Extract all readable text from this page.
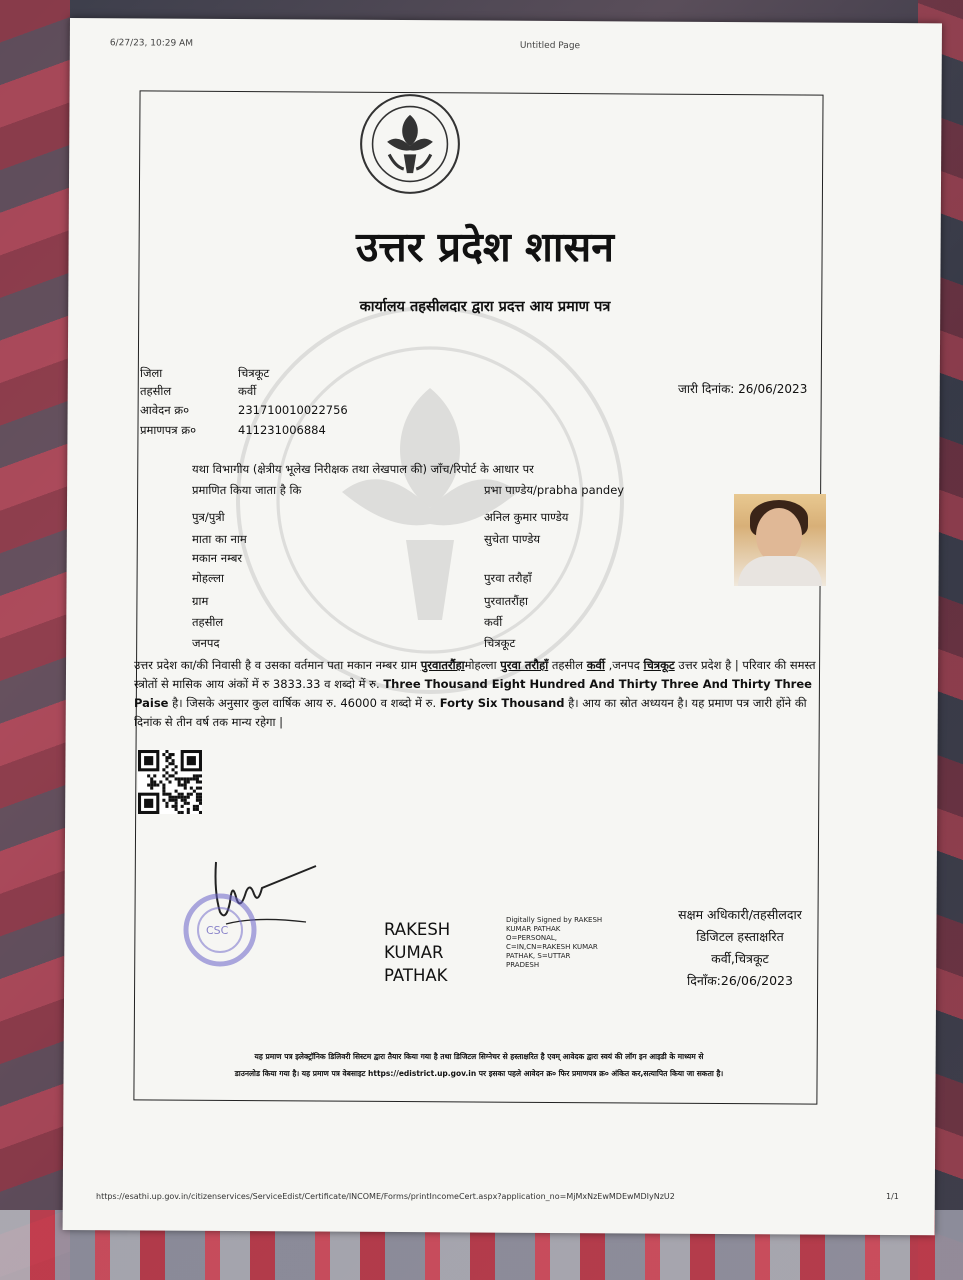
6/27/23, 10:29 AM	Untitled Page
उत्तर प्रदेश शासन
कार्यालय तहसीलदार द्वारा प्रदत्त आय प्रमाण पत्र
जिला	चित्रकूट
तहसील	कर्वी
आवेदन क्र०	231710010022756
प्रमाणपत्र क्र०	411231006884
जारी दिनांक: 26/06/2023
यथा विभागीय (क्षेत्रीय भूलेख निरीक्षक तथा लेखपाल की) जाँच/रिपोर्ट के आधार पर
प्रमाणित किया जाता है कि	प्रभा पाण्डेय/prabha pandey
पुत्र/पुत्री	अनिल कुमार पाण्डेय
माता का नाम	सुचेता पाण्डेय
मकान नम्बर
मोहल्ला	पुरवा तरौहाँ
ग्राम	पुरवातरौंहा
तहसील	कर्वी
जनपद	चित्रकूट
उत्तर प्रदेश का/की निवासी है व उसका वर्तमान पता मकान नम्बर ग्राम पुरवातरौंहामोहल्ला पुरवा तरौहाँ तहसील कर्वी ,जनपद चित्रकूट उत्तर प्रदेश है | परिवार की समस्त स्त्रोतों से मासिक आय अंकों में रु 3833.33 व शब्दो में रु. Three Thousand Eight Hundred And Thirty Three And Thirty Three Paise है। जिसके अनुसार कुल वार्षिक आय रु. 46000 व शब्दो में रु. Forty Six Thousand है। आय का स्रोत अध्ययन है। यह प्रमाण पत्र जारी होंने की दिनांक से तीन वर्ष तक मान्य रहेगा |
CSC	RAKESH
KUMAR
PATHAK
Digitally Signed by RAKESH
KUMAR PATHAK
O=PERSONAL,
C=IN,CN=RAKESH KUMAR
PATHAK, S=UTTAR
PRADESH
सक्षम अधिकारी/तहसीलदार
डिजिटल हस्ताक्षरित
कर्वी,चित्रकूट
दिनाँक:26/06/2023
यह प्रमाण पत्र इलेक्ट्रॉनिक डिलिवरी सिस्टम द्वारा तैयार किया गया है तथा डिजिटल सिग्नेचर से हस्ताक्षरित है एवम् आवेदक द्वारा स्वयं की लॉग इन आइडी के माध्यम से
डाउनलोड किया गया है। यह प्रमाण पत्र वेबसाइट https://edistrict.up.gov.in पर इसका पहले आवेदन क्र० फिर प्रमाणपत्र क्र० अंकित कर,सत्यापित किया जा सकता है।
https://esathi.up.gov.in/citizenservices/ServiceEdist/Certificate/INCOME/Forms/printIncomeCert.aspx?application_no=MjMxNzEwMDEwMDIyNzU2	1/1
